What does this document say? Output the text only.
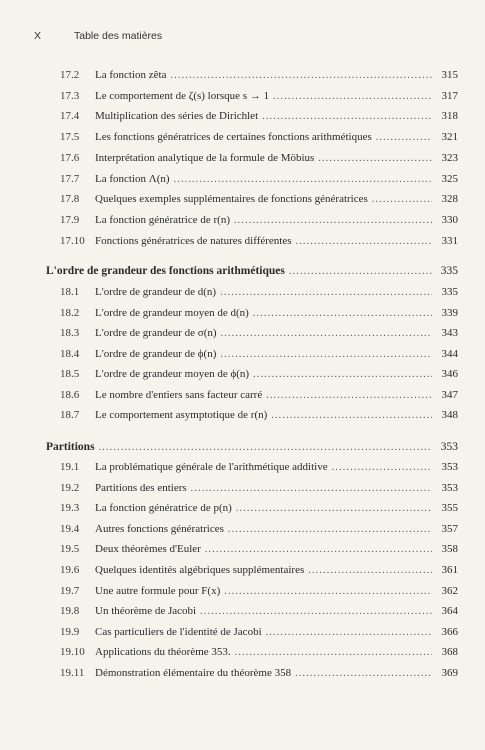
X	Table des matières
17.2	La fonction zêta .....	315
17.3	Le comportement de ζ(s) lorsque s → 1 .....	317
17.4	Multiplication des séries de Dirichlet .....	318
17.5	Les fonctions génératrices de certaines fonctions arithmétiques .....	321
17.6	Interprétation analytique de la formule de Möbius .....	323
17.7	La fonction Λ(n) .....	325
17.8	Quelques exemples supplémentaires de fonctions génératrices .....	328
17.9	La fonction génératrice de r(n) .....	330
17.10 Fonctions génératrices de natures différentes .....	331
L'ordre de grandeur des fonctions arithmétiques .....	335
18.1	L'ordre de grandeur de d(n) .....	335
18.2	L'ordre de grandeur moyen de d(n) .....	339
18.3	L'ordre de grandeur de σ(n) .....	343
18.4	L'ordre de grandeur de ϕ(n) .....	344
18.5	L'ordre de grandeur moyen de ϕ(n) .....	346
18.6	Le nombre d'entiers sans facteur carré .....	347
18.7	Le comportement asymptotique de r(n) .....	348
Partitions .....	353
19.1	La problématique générale de l'arithmétique additive .....	353
19.2	Partitions des entiers .....	353
19.3	La fonction génératrice de p(n) .....	355
19.4	Autres fonctions génératrices .....	357
19.5	Deux théorèmes d'Euler .....	358
19.6	Quelques identités algébriques supplémentaires .....	361
19.7	Une autre formule pour F(x) .....	362
19.8	Un théorème de Jacobi .....	364
19.9	Cas particuliers de l'identité de Jacobi .....	366
19.10 Applications du théorème 353. .....	368
19.11 Démonstration élémentaire du théorème 358 .....	369
